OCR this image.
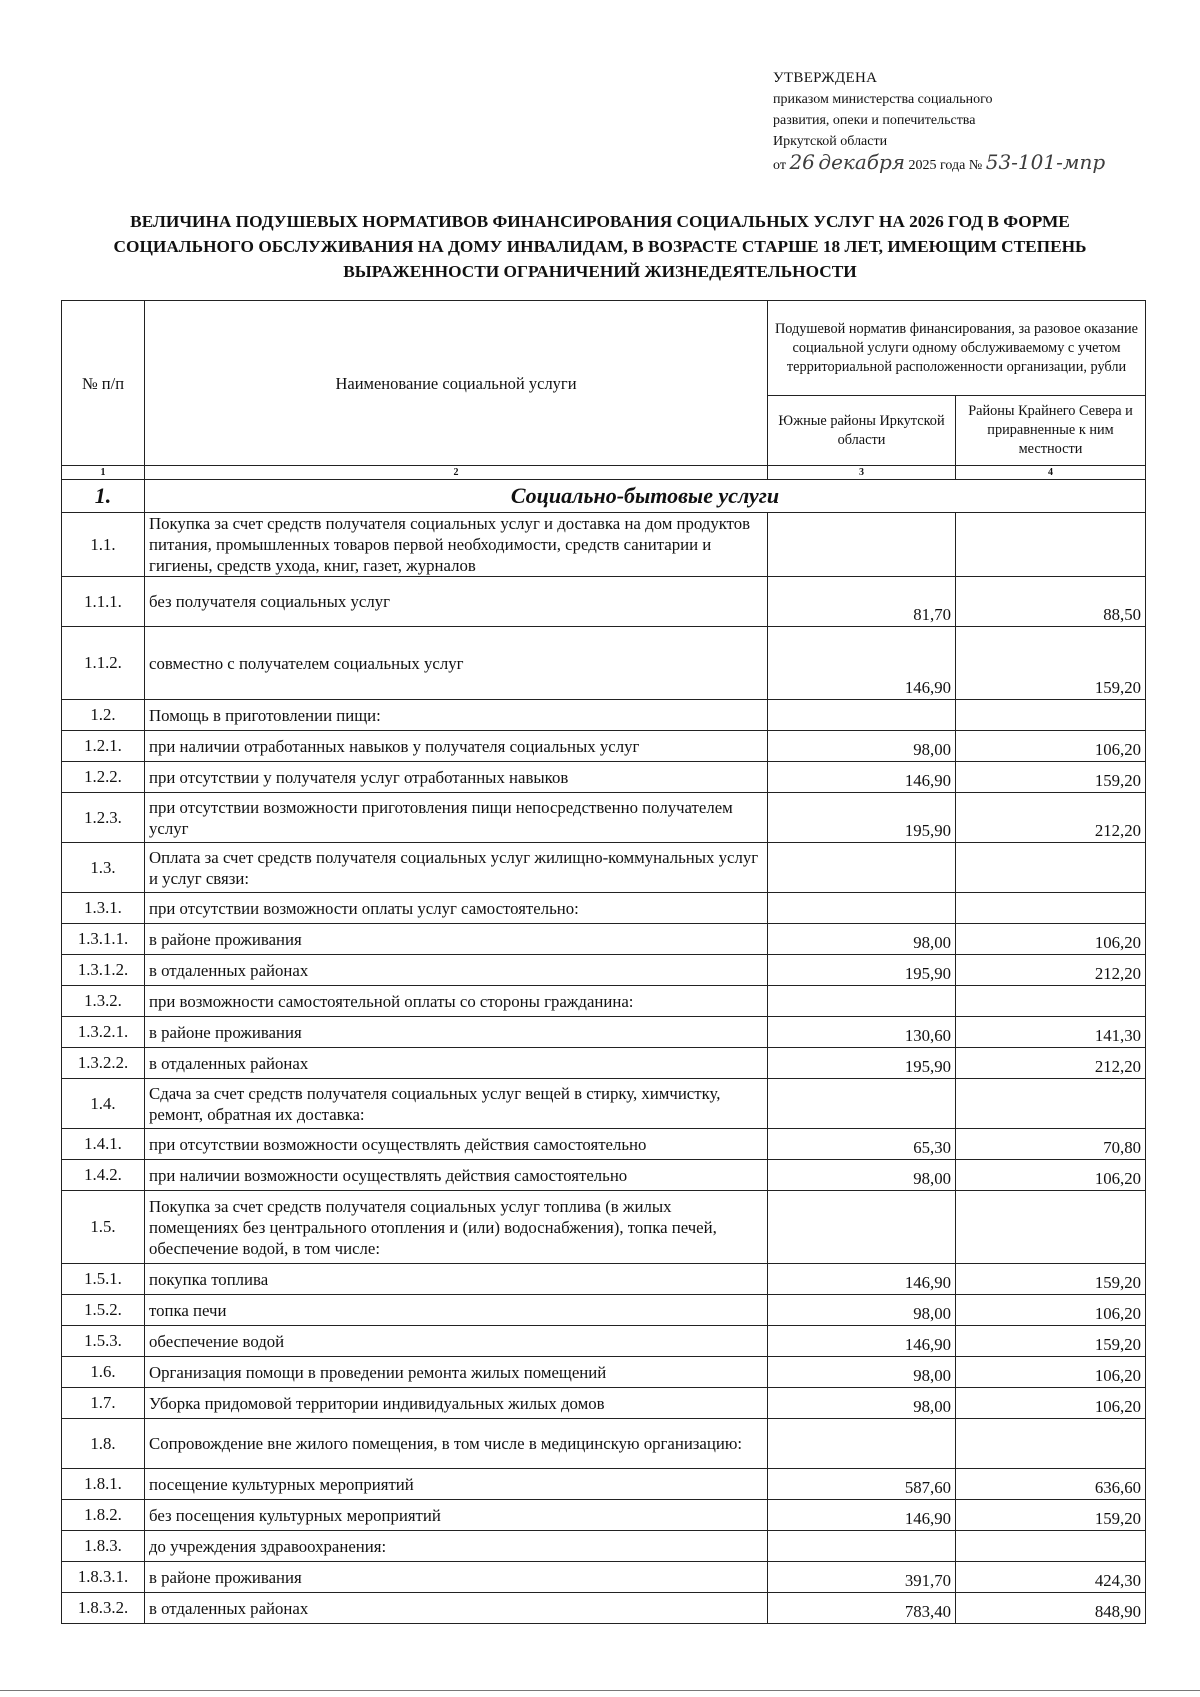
УТВЕРЖДЕНА
приказом министерства социального
развития, опеки и попечительства
Иркутской области
от 26 декабря 2025 года № 53-101-мпр
ВЕЛИЧИНА ПОДУШЕВЫХ НОРМАТИВОВ ФИНАНСИРОВАНИЯ СОЦИАЛЬНЫХ УСЛУГ НА 2026 ГОД В ФОРМЕ
СОЦИАЛЬНОГО ОБСЛУЖИВАНИЯ НА ДОМУ ИНВАЛИДАМ, В ВОЗРАСТЕ СТАРШЕ 18 ЛЕТ, ИМЕЮЩИМ СТЕПЕНЬ
ВЫРАЖЕННОСТИ ОГРАНИЧЕНИЙ ЖИЗНЕДЕЯТЕЛЬНОСТИ
№ п/п	Наименование социальной услуги	Подушевой норматив финансирования, за разовое оказание социальной услуги одному обслуживаемому с учетом территориальной расположенности организации, рубли	
		Южные районы Иркутской области	Районы Крайнего Севера и приравненные к ним местности
1	2	3	4
1.	Социально-бытовые услуги		
1.1.	Покупка за счет средств получателя социальных услуг и доставка на дом продуктов питания, промышленных товаров первой необходимости, средств санитарии и гигиены, средств ухода, книг, газет, журналов		
1.1.1.	без получателя социальных услуг	81,70	88,50
1.1.2.	совместно с получателем социальных услуг	146,90	159,20
1.2.	Помощь в приготовлении пищи:		
1.2.1.	при наличии отработанных навыков у получателя социальных услуг	98,00	106,20
1.2.2.	при отсутствии у получателя услуг отработанных навыков	146,90	159,20
1.2.3.	при отсутствии возможности приготовления пищи непосредственно получателем услуг	195,90	212,20
1.3.	Оплата за счет средств получателя социальных услуг жилищно-коммунальных услуг и услуг связи:		
1.3.1.	при отсутствии возможности оплаты услуг самостоятельно:		
1.3.1.1.	в районе проживания	98,00	106,20
1.3.1.2.	в отдаленных районах	195,90	212,20
1.3.2.	при возможности самостоятельной оплаты со стороны гражданина:		
1.3.2.1.	в районе проживания	130,60	141,30
1.3.2.2.	в отдаленных районах	195,90	212,20
1.4.	Сдача за счет средств получателя социальных услуг вещей в стирку, химчистку, ремонт, обратная их доставка:		
1.4.1.	при отсутствии возможности осуществлять действия самостоятельно	65,30	70,80
1.4.2.	при наличии возможности осуществлять действия самостоятельно	98,00	106,20
1.5.	Покупка за счет средств получателя социальных услуг топлива (в жилых помещениях без центрального отопления и (или) водоснабжения), топка печей, обеспечение водой, в том числе:		
1.5.1.	покупка топлива	146,90	159,20
1.5.2.	топка печи	98,00	106,20
1.5.3.	обеспечение водой	146,90	159,20
1.6.	Организация помощи в проведении ремонта жилых помещений	98,00	106,20
1.7.	Уборка придомовой территории индивидуальных жилых домов	98,00	106,20
1.8.	Сопровождение вне жилого помещения, в том числе в медицинскую организацию:		
1.8.1.	посещение культурных мероприятий	587,60	636,60
1.8.2.	без посещения культурных мероприятий	146,90	159,20
1.8.3.	до учреждения здравоохранения:		
1.8.3.1.	в районе проживания	391,70	424,30
1.8.3.2.	в отдаленных районах	783,40	848,90
